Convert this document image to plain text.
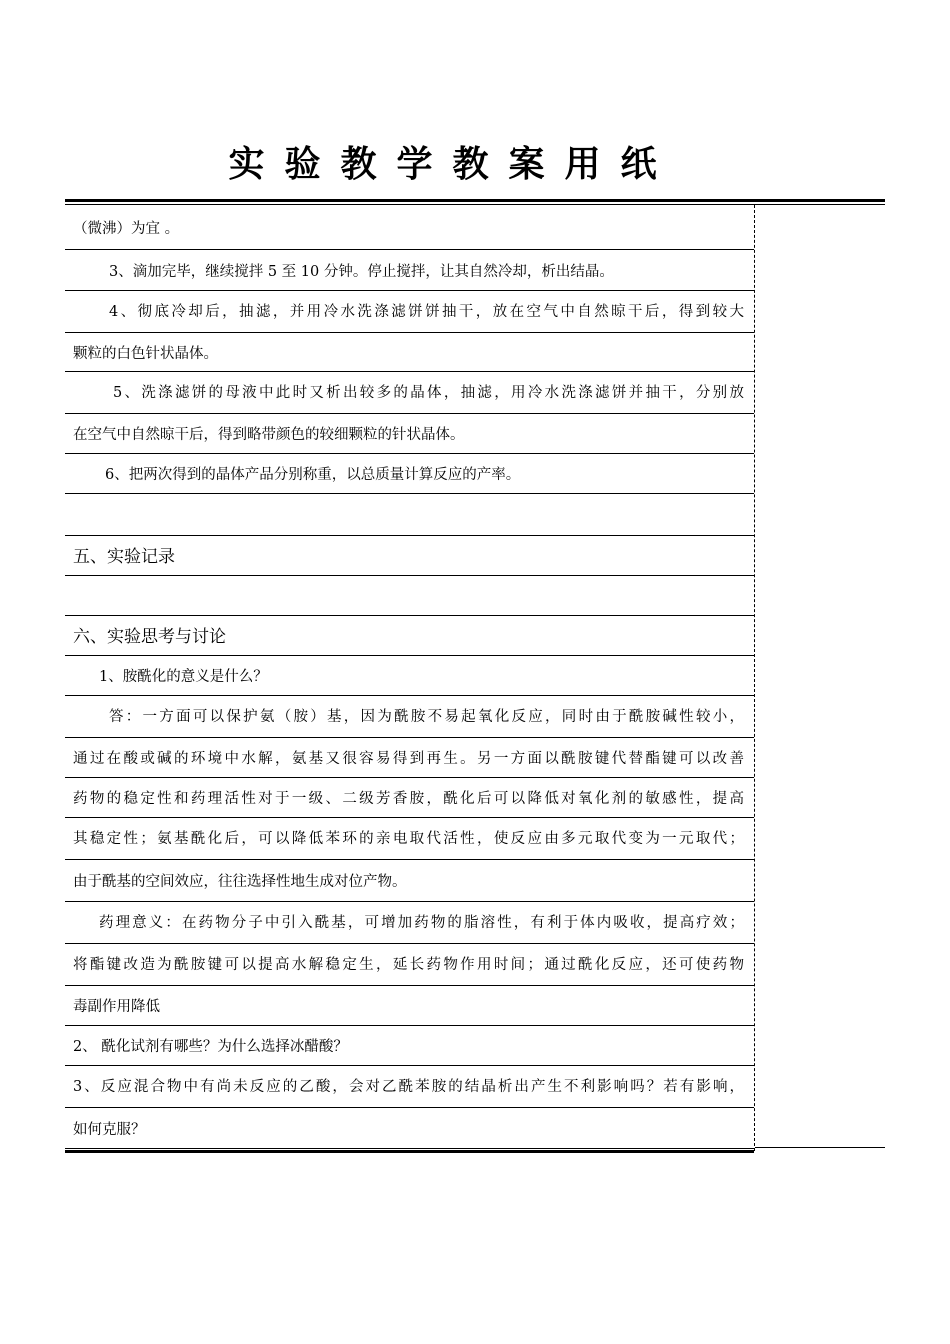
实验教学教案用纸
（微沸）为宜 。
3、滴加完毕，继续搅拌 5 至 10 分钟。停止搅拌，让其自然冷却，析出结晶。
4、彻底冷却后，抽滤，并用冷水洗涤滤饼饼抽干，放在空气中自然晾干后，得到较大
颗粒的白色针状晶体。
5、洗涤滤饼的母液中此时又析出较多的晶体，抽滤，用冷水洗涤滤饼并抽干，分别放
在空气中自然晾干后，得到略带颜色的较细颗粒的针状晶体。
6、把两次得到的晶体产品分别称重，以总质量计算反应的产率。
五、实验记录
六、实验思考与讨论
1、胺酰化的意义是什么？
答：一方面可以保护氨（胺）基，因为酰胺不易起氧化反应，同时由于酰胺碱性较小，
通过在酸或碱的环境中水解，氨基又很容易得到再生。另一方面以酰胺键代替酯键可以改善
药物的稳定性和药理活性对于一级、二级芳香胺，酰化后可以降低对氧化剂的敏感性，提高
其稳定性；氨基酰化后，可以降低苯环的亲电取代活性，使反应由多元取代变为一元取代；
由于酰基的空间效应，往往选择性地生成对位产物。
药理意义：在药物分子中引入酰基，可增加药物的脂溶性，有利于体内吸收，提高疗效；
将酯键改造为酰胺键可以提高水解稳定生，延长药物作用时间；通过酰化反应，还可使药物
毒副作用降低
2、 酰化试剂有哪些？为什么选择冰醋酸？
3、反应混合物中有尚未反应的乙酸，会对乙酰苯胺的结晶析出产生不利影响吗？若有影响，
如何克服？
